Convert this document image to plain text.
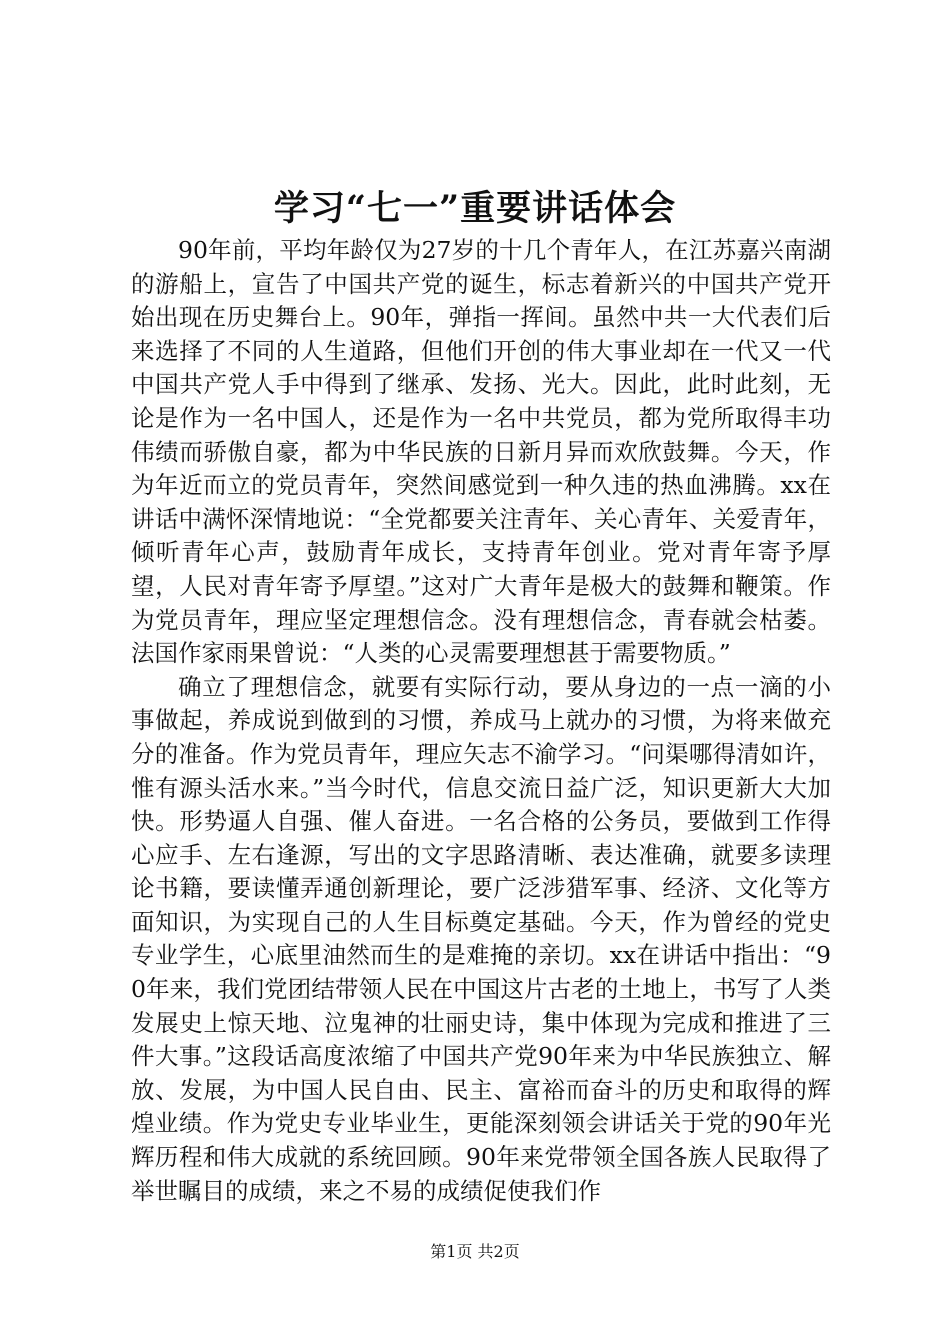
学习“七一”重要讲话体会

90年前，平均年龄仅为27岁的十几个青年人，在江苏嘉兴南湖的游船上，宣告了中国共产党的诞生，标志着新兴的中国共产党开始出现在历史舞台上。90年，弹指一挥间。虽然中共一大代表们后来选择了不同的人生道路，但他们开创的伟大事业却在一代又一代中国共产党人手中得到了继承、发扬、光大。因此，此时此刻，无论是作为一名中国人，还是作为一名中共党员，都为党所取得丰功伟绩而骄傲自豪，都为中华民族的日新月异而欢欣鼓舞。今天，作为年近而立的党员青年，突然间感觉到一种久违的热血沸腾。xx在讲话中满怀深情地说：“全党都要关注青年、关心青年、关爱青年，倾听青年心声，鼓励青年成长，支持青年创业。党对青年寄予厚望，人民对青年寄予厚望。”这对广大青年是极大的鼓舞和鞭策。作为党员青年，理应坚定理想信念。没有理想信念，青春就会枯萎。法国作家雨果曾说：“人类的心灵需要理想甚于需要物质。”

确立了理想信念，就要有实际行动，要从身边的一点一滴的小事做起，养成说到做到的习惯，养成马上就办的习惯，为将来做充分的准备。作为党员青年，理应矢志不渝学习。“问渠哪得清如许，惟有源头活水来。”当今时代，信息交流日益广泛，知识更新大大加快。形势逼人自强、催人奋进。一名合格的公务员，要做到工作得心应手、左右逢源，写出的文字思路清晰、表达准确，就要多读理论书籍，要读懂弄通创新理论，要广泛涉猎军事、经济、文化等方面知识，为实现自己的人生目标奠定基础。今天，作为曾经的党史专业学生，心底里油然而生的是难掩的亲切。xx在讲话中指出：“90年来，我们党团结带领人民在中国这片古老的土地上，书写了人类发展史上惊天地、泣鬼神的壮丽史诗，集中体现为完成和推进了三件大事。”这段话高度浓缩了中国共产党90年来为中华民族独立、解放、发展，为中国人民自由、民主、富裕而奋斗的历史和取得的辉煌业绩。作为党史专业毕业生，更能深刻领会讲话关于党的90年光辉历程和伟大成就的系统回顾。90年来党带领全国各族人民取得了举世瞩目的成绩，来之不易的成绩促使我们作

第1页 共2页
